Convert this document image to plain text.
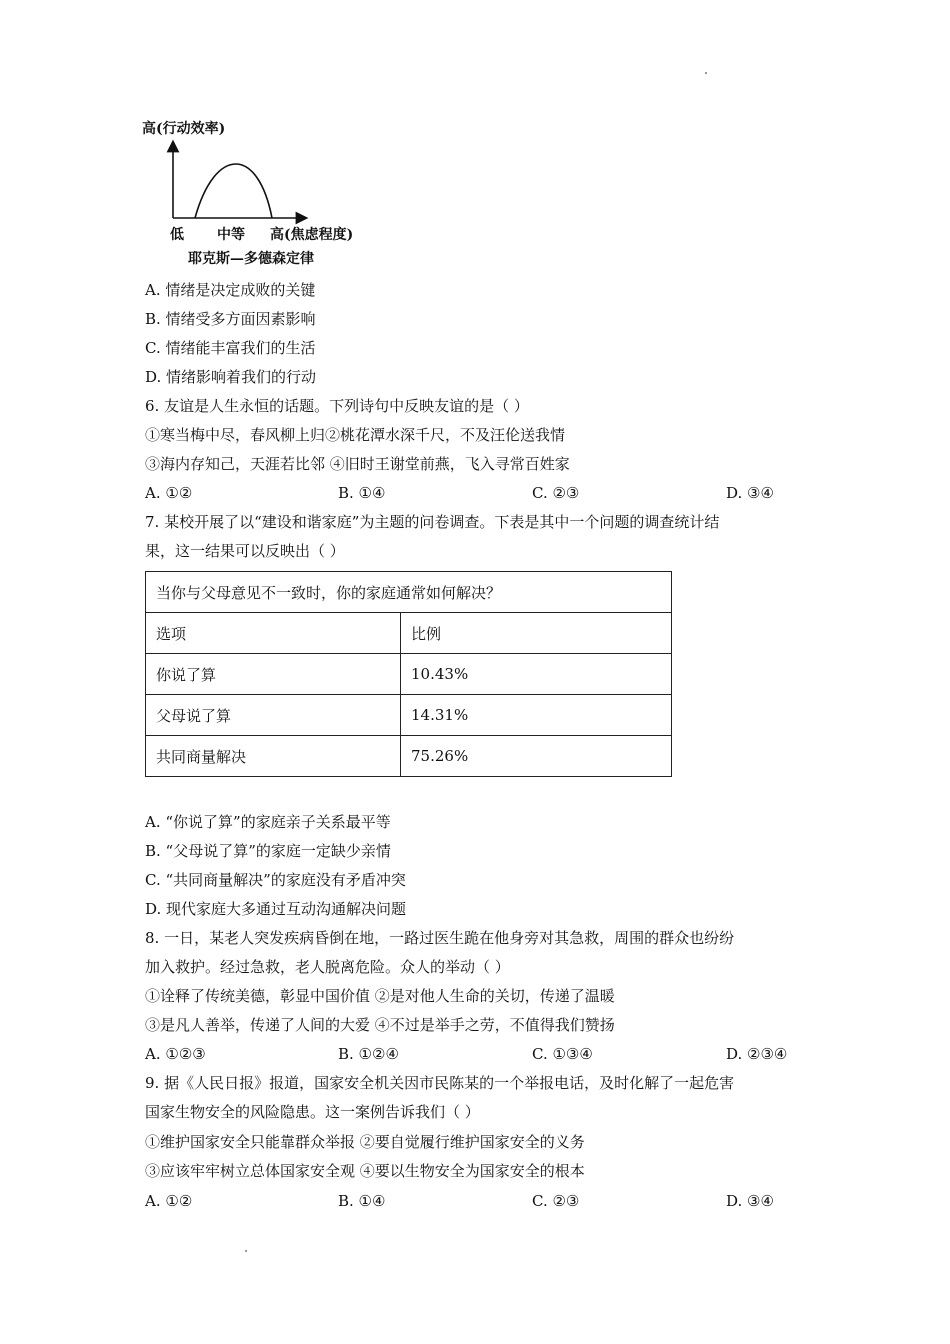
高(行动效率)
低 中等 高(焦虑程度)
耶克斯—多德森定律
A. 情绪是决定成败的关键
B. 情绪受多方面因素影响
C. 情绪能丰富我们的生活
D. 情绪影响着我们的行动
6. 友谊是人生永恒的话题。下列诗句中反映友谊的是（ ）
①寒当梅中尽，春风柳上归②桃花潭水深千尺，不及汪伦送我情
③海内存知己，天涯若比邻 ④旧时王谢堂前燕，飞入寻常百姓家
A. ①②	B. ①④	C. ②③	D. ③④
7. 某校开展了以“建设和谐家庭”为主题的问卷调查。下表是其中一个问题的调查统计结
果，这一结果可以反映出（ ）
当你与父母意见不一致时，你的家庭通常如何解决？	
选项	比例
你说了算	10.43%
父母说了算	14.31%
共同商量解决	75.26%
A. “你说了算”的家庭亲子关系最平等
B. “父母说了算”的家庭一定缺少亲情
C. “共同商量解决”的家庭没有矛盾冲突
D. 现代家庭大多通过互动沟通解决问题
8. 一日，某老人突发疾病昏倒在地，一路过医生跪在他身旁对其急救，周围的群众也纷纷
加入救护。经过急救，老人脱离危险。众人的举动（ ）
①诠释了传统美德，彰显中国价值 ②是对他人生命的关切，传递了温暖
③是凡人善举，传递了人间的大爱 ④不过是举手之劳，不值得我们赞扬
A. ①②③	B. ①②④	C. ①③④	D. ②③④
9. 据《人民日报》报道，国家安全机关因市民陈某的一个举报电话，及时化解了一起危害
国家生物安全的风险隐患。这一案例告诉我们（ ）
①维护国家安全只能靠群众举报 ②要自觉履行维护国家安全的义务
③应该牢牢树立总体国家安全观 ④要以生物安全为国家安全的根本
A. ①②	B. ①④	C. ②③	D. ③④
